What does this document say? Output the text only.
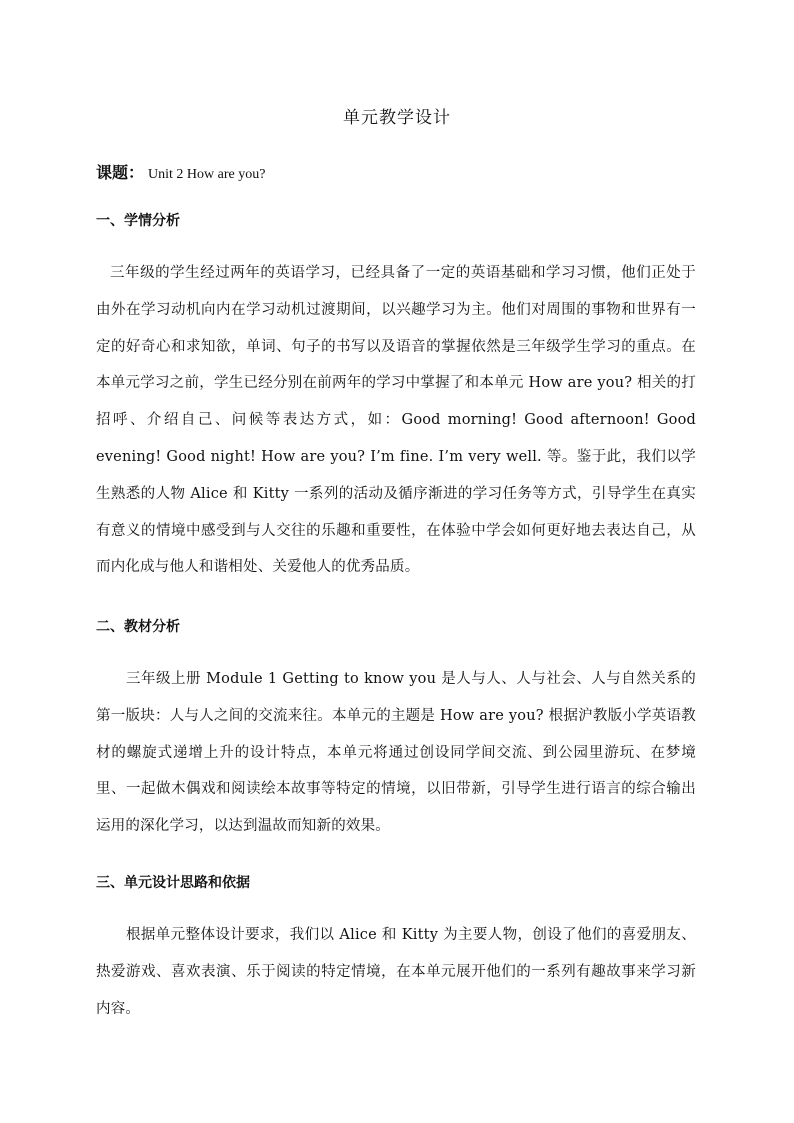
单元教学设计
课题： Unit 2 How are you?
一、学情分析
三年级的学生经过两年的英语学习，已经具备了一定的英语基础和学习习惯，他们正处于由外在学习动机向内在学习动机过渡期间，以兴趣学习为主。他们对周围的事物和世界有一定的好奇心和求知欲，单词、句子的书写以及语音的掌握依然是三年级学生学习的重点。在本单元学习之前，学生已经分别在前两年的学习中掌握了和本单元 How are you? 相关的打招呼、介绍自己、问候等表达方式，如：Good morning! Good afternoon! Good evening! Good night! How are you? I’m fine. I’m very well. 等。鉴于此，我们以学生熟悉的人物 Alice 和 Kitty 一系列的活动及循序渐进的学习任务等方式，引导学生在真实有意义的情境中感受到与人交往的乐趣和重要性，在体验中学会如何更好地去表达自己，从而内化成与他人和谐相处、关爱他人的优秀品质。
二、教材分析
三年级上册 Module 1 Getting to know you 是人与人、人与社会、人与自然关系的第一版块：人与人之间的交流来往。本单元的主题是 How are you? 根据沪教版小学英语教材的螺旋式递增上升的设计特点，本单元将通过创设同学间交流、到公园里游玩、在梦境里、一起做木偶戏和阅读绘本故事等特定的情境，以旧带新，引导学生进行语言的综合输出运用的深化学习，以达到温故而知新的效果。
三、单元设计思路和依据
根据单元整体设计要求，我们以 Alice 和 Kitty 为主要人物，创设了他们的喜爱朋友、热爱游戏、喜欢表演、乐于阅读的特定情境，在本单元展开他们的一系列有趣故事来学习新内容。
